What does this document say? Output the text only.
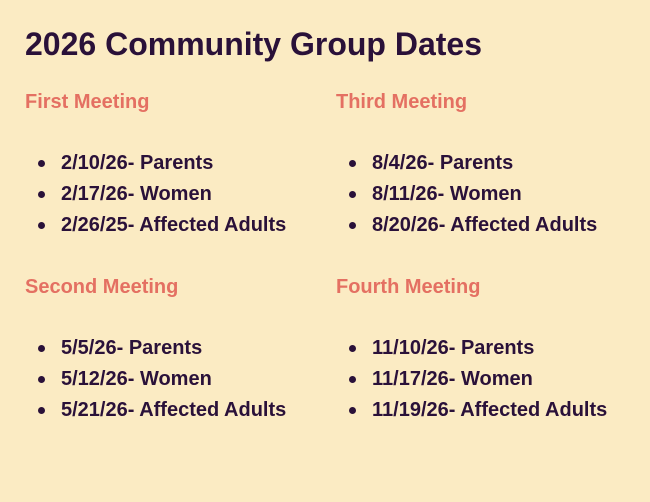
2026 Community Group Dates
First Meeting
2/10/26- Parents
2/17/26- Women
2/26/25- Affected Adults
Third Meeting
8/4/26- Parents
8/11/26- Women
8/20/26- Affected Adults
Second Meeting
5/5/26- Parents
5/12/26- Women
5/21/26- Affected Adults
Fourth Meeting
11/10/26- Parents
11/17/26- Women
11/19/26- Affected Adults
